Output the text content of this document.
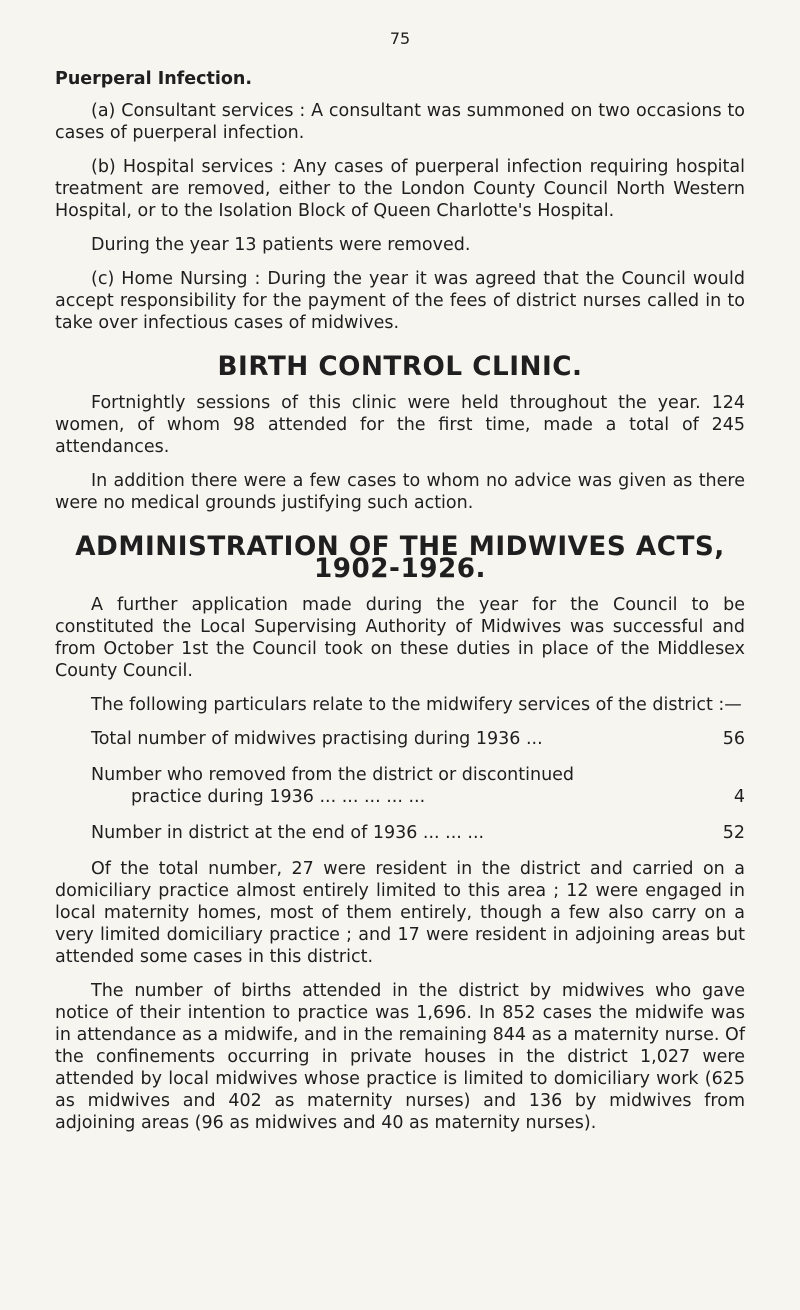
75
Puerperal Infection.

(a) Consultant services : A consultant was summoned on two occasions to cases of puerperal infection.

(b) Hospital services : Any cases of puerperal infection requiring hospital treatment are removed, either to the London County Council North Western Hospital, or to the Isolation Block of Queen Charlotte's Hospital.

During the year 13 patients were removed.

(c) Home Nursing : During the year it was agreed that the Council would accept responsibility for the payment of the fees of district nurses called in to take over infectious cases of midwives.

BIRTH CONTROL CLINIC.

Fortnightly sessions of this clinic were held throughout the year. 124 women, of whom 98 attended for the first time, made a total of 245 attendances.

In addition there were a few cases to whom no advice was given as there were no medical grounds justifying such action.

ADMINISTRATION OF THE MIDWIVES ACTS,
1902-1926.

A further application made during the year for the Council to be constituted the Local Supervising Authority of Midwives was successful and from October 1st the Council took on these duties in place of the Middlesex County Council.

The following particulars relate to the midwifery services of the district :—

Total number of midwives practising during 1936 ...	56
Number who removed from the district or discontinued
practice during 1936 ... ... ... ... ...	4
Number in district at the end of 1936 ... ... ...	52

Of the total number, 27 were resident in the district and carried on a domiciliary practice almost entirely limited to this area ; 12 were engaged in local maternity homes, most of them entirely, though a few also carry on a very limited domiciliary practice ; and 17 were resident in adjoining areas but attended some cases in this district.

The number of births attended in the district by midwives who gave notice of their intention to practice was 1,696. In 852 cases the midwife was in attendance as a midwife, and in the remaining 844 as a maternity nurse. Of the confinements occurring in private houses in the district 1,027 were attended by local midwives whose practice is limited to domiciliary work (625 as midwives and 402 as maternity nurses) and 136 by midwives from adjoining areas (96 as midwives and 40 as maternity nurses).
